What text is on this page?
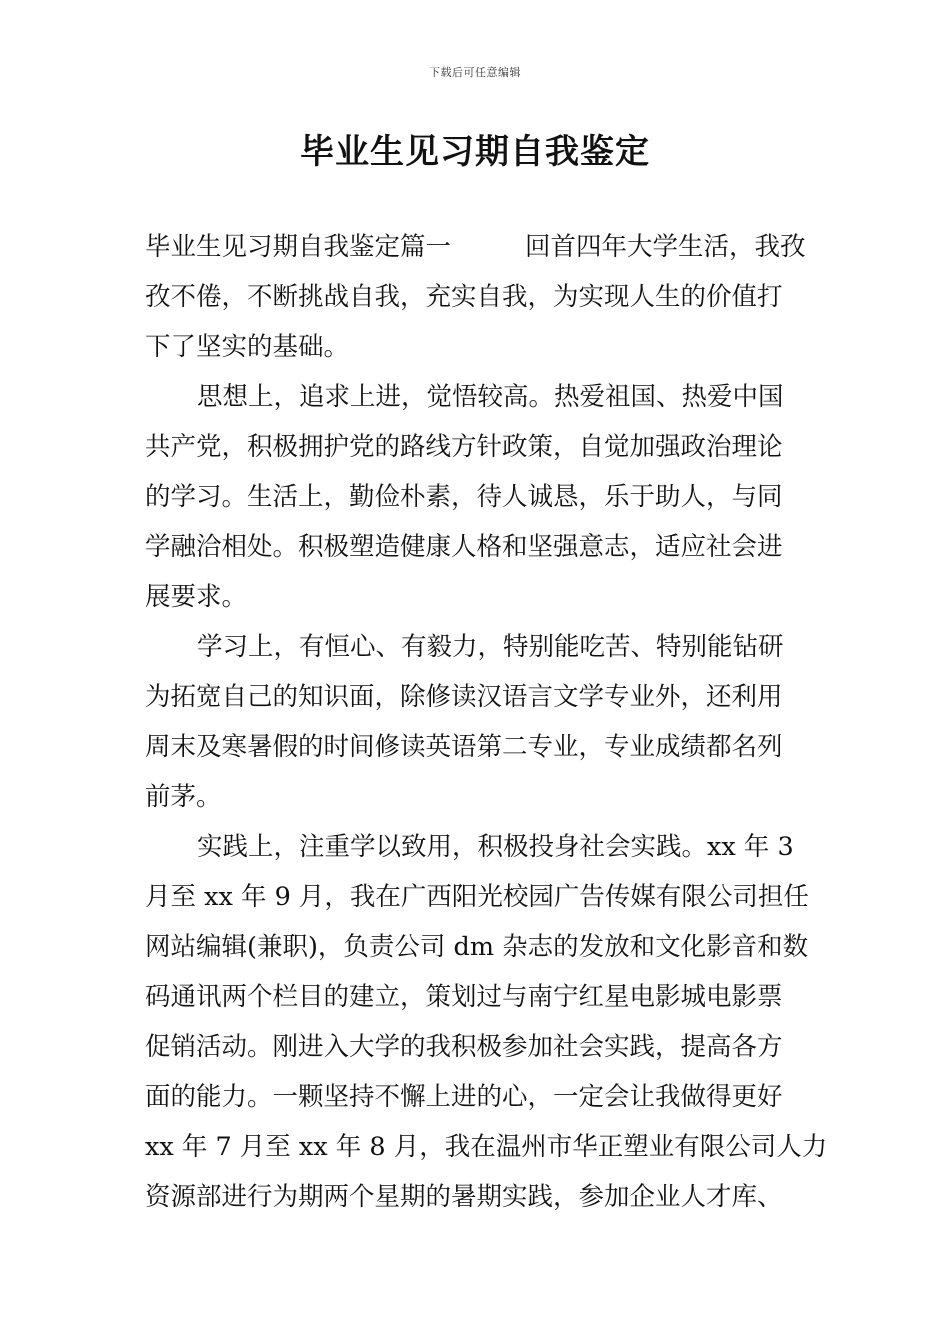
下载后可任意编辑
毕业生见习期自我鉴定
毕业生见习期自我鉴定篇一	回首四年大学生活，我孜
孜不倦，不断挑战自我，充实自我，为实现人生的价值打
下了坚实的基础。
思想上，追求上进，觉悟较高。热爱祖国、热爱中国
共产党，积极拥护党的路线方针政策，自觉加强政治理论
的学习。生活上，勤俭朴素，待人诚恳，乐于助人，与同
学融洽相处。积极塑造健康人格和坚强意志，适应社会进
展要求。
学习上，有恒心、有毅力，特别能吃苦、特别能钻研
为拓宽自己的知识面，除修读汉语言文学专业外，还利用
周末及寒暑假的时间修读英语第二专业，专业成绩都名列
前茅。
实践上，注重学以致用，积极投身社会实践。xx 年 3
月至 xx 年 9 月，我在广西阳光校园广告传媒有限公司担任
网站编辑(兼职)，负责公司 dm 杂志的发放和文化影音和数
码通讯两个栏目的建立，策划过与南宁红星电影城电影票
促销活动。刚进入大学的我积极参加社会实践，提高各方
面的能力。一颗坚持不懈上进的心，一定会让我做得更好
xx 年 7 月至 xx 年 8 月，我在温州市华正塑业有限公司人力
资源部进行为期两个星期的暑期实践，参加企业人才库、
